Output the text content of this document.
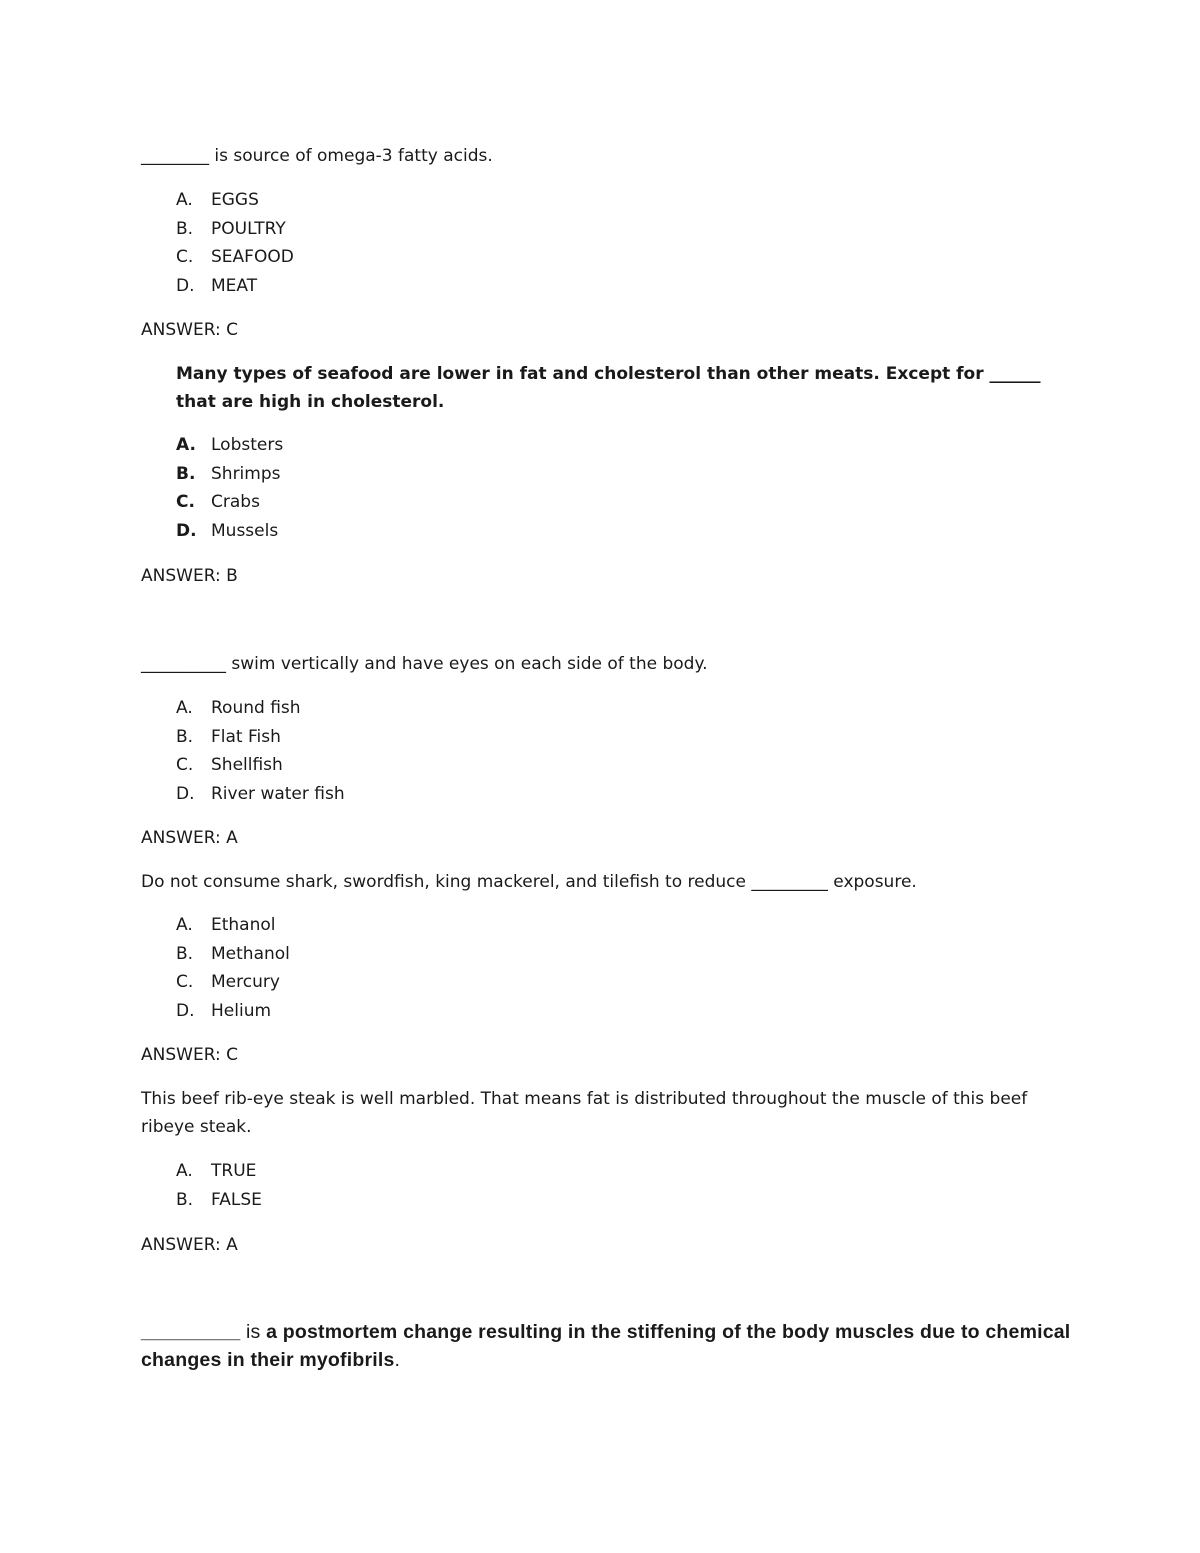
________ is source of omega-3 fatty acids.
A.	EGGS
B.	POULTRY
C.	SEAFOOD
D. MEAT
ANSWER: C
Many types of seafood are lower in fat and cholesterol than other meats. Except for ______ that are high in cholesterol.
A. Lobsters
B. Shrimps
C. Crabs
D. Mussels
ANSWER: B
__________ swim vertically and have eyes on each side of the body.
A.	Round fish
B.	Flat Fish
C.	Shellfish
D. River water fish
ANSWER: A
Do not consume shark, swordfish, king mackerel, and tilefish to reduce _________ exposure.
A.	Ethanol
B.	Methanol
C.	Mercury
D. Helium
ANSWER: C
This beef rib-eye steak is well marbled. That means fat is distributed throughout the muscle of this beef ribeye steak.
A.	TRUE
B.	FALSE
ANSWER: A
_________ is a postmortem change resulting in the stiffening of the body muscles due to chemical changes in their myofibrils.
